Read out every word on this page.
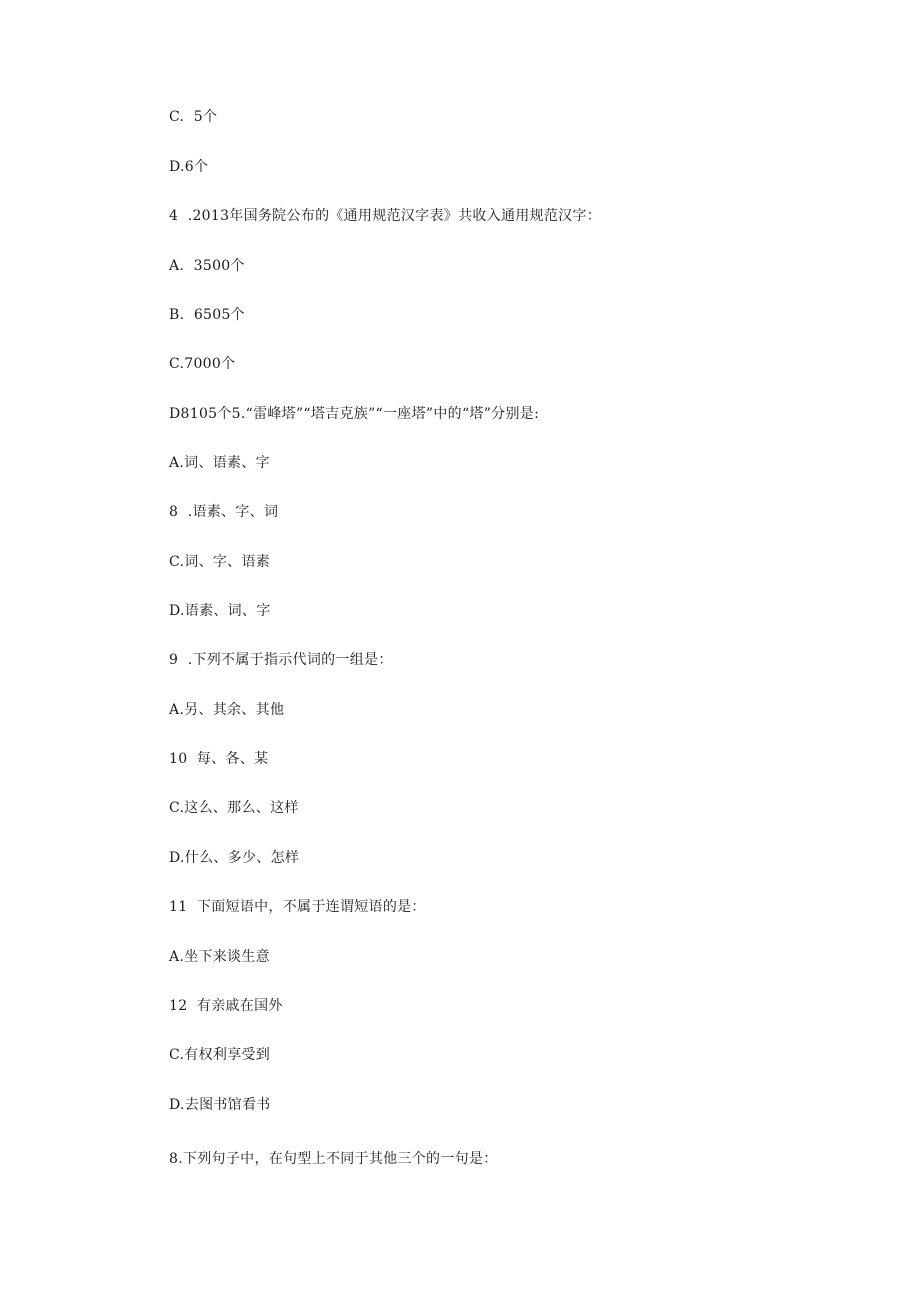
C.  5个
D.6个
4  .2013年国务院公布的《通用规范汉字表》共收入通用规范汉字：
A.  3500个
B.  6505个
C.7000个
D8105个5.“雷峰塔”“塔吉克族”“一座塔”中的“塔”分别是:
A.词、语素、字
8  .语素、字、词
C.词、字、语素
D.语素、词、字
9  .下列不属于指示代词的一组是：
A.另、其余、其他
10  每、各、某
C.这么、那么、这样
D.什么、多少、怎样
11  下面短语中，不属于连谓短语的是：
A.坐下来谈生意
12  有亲戚在国外
C.有权利享受到
D.去图书馆看书
8.下列句子中，在句型上不同于其他三个的一句是：
